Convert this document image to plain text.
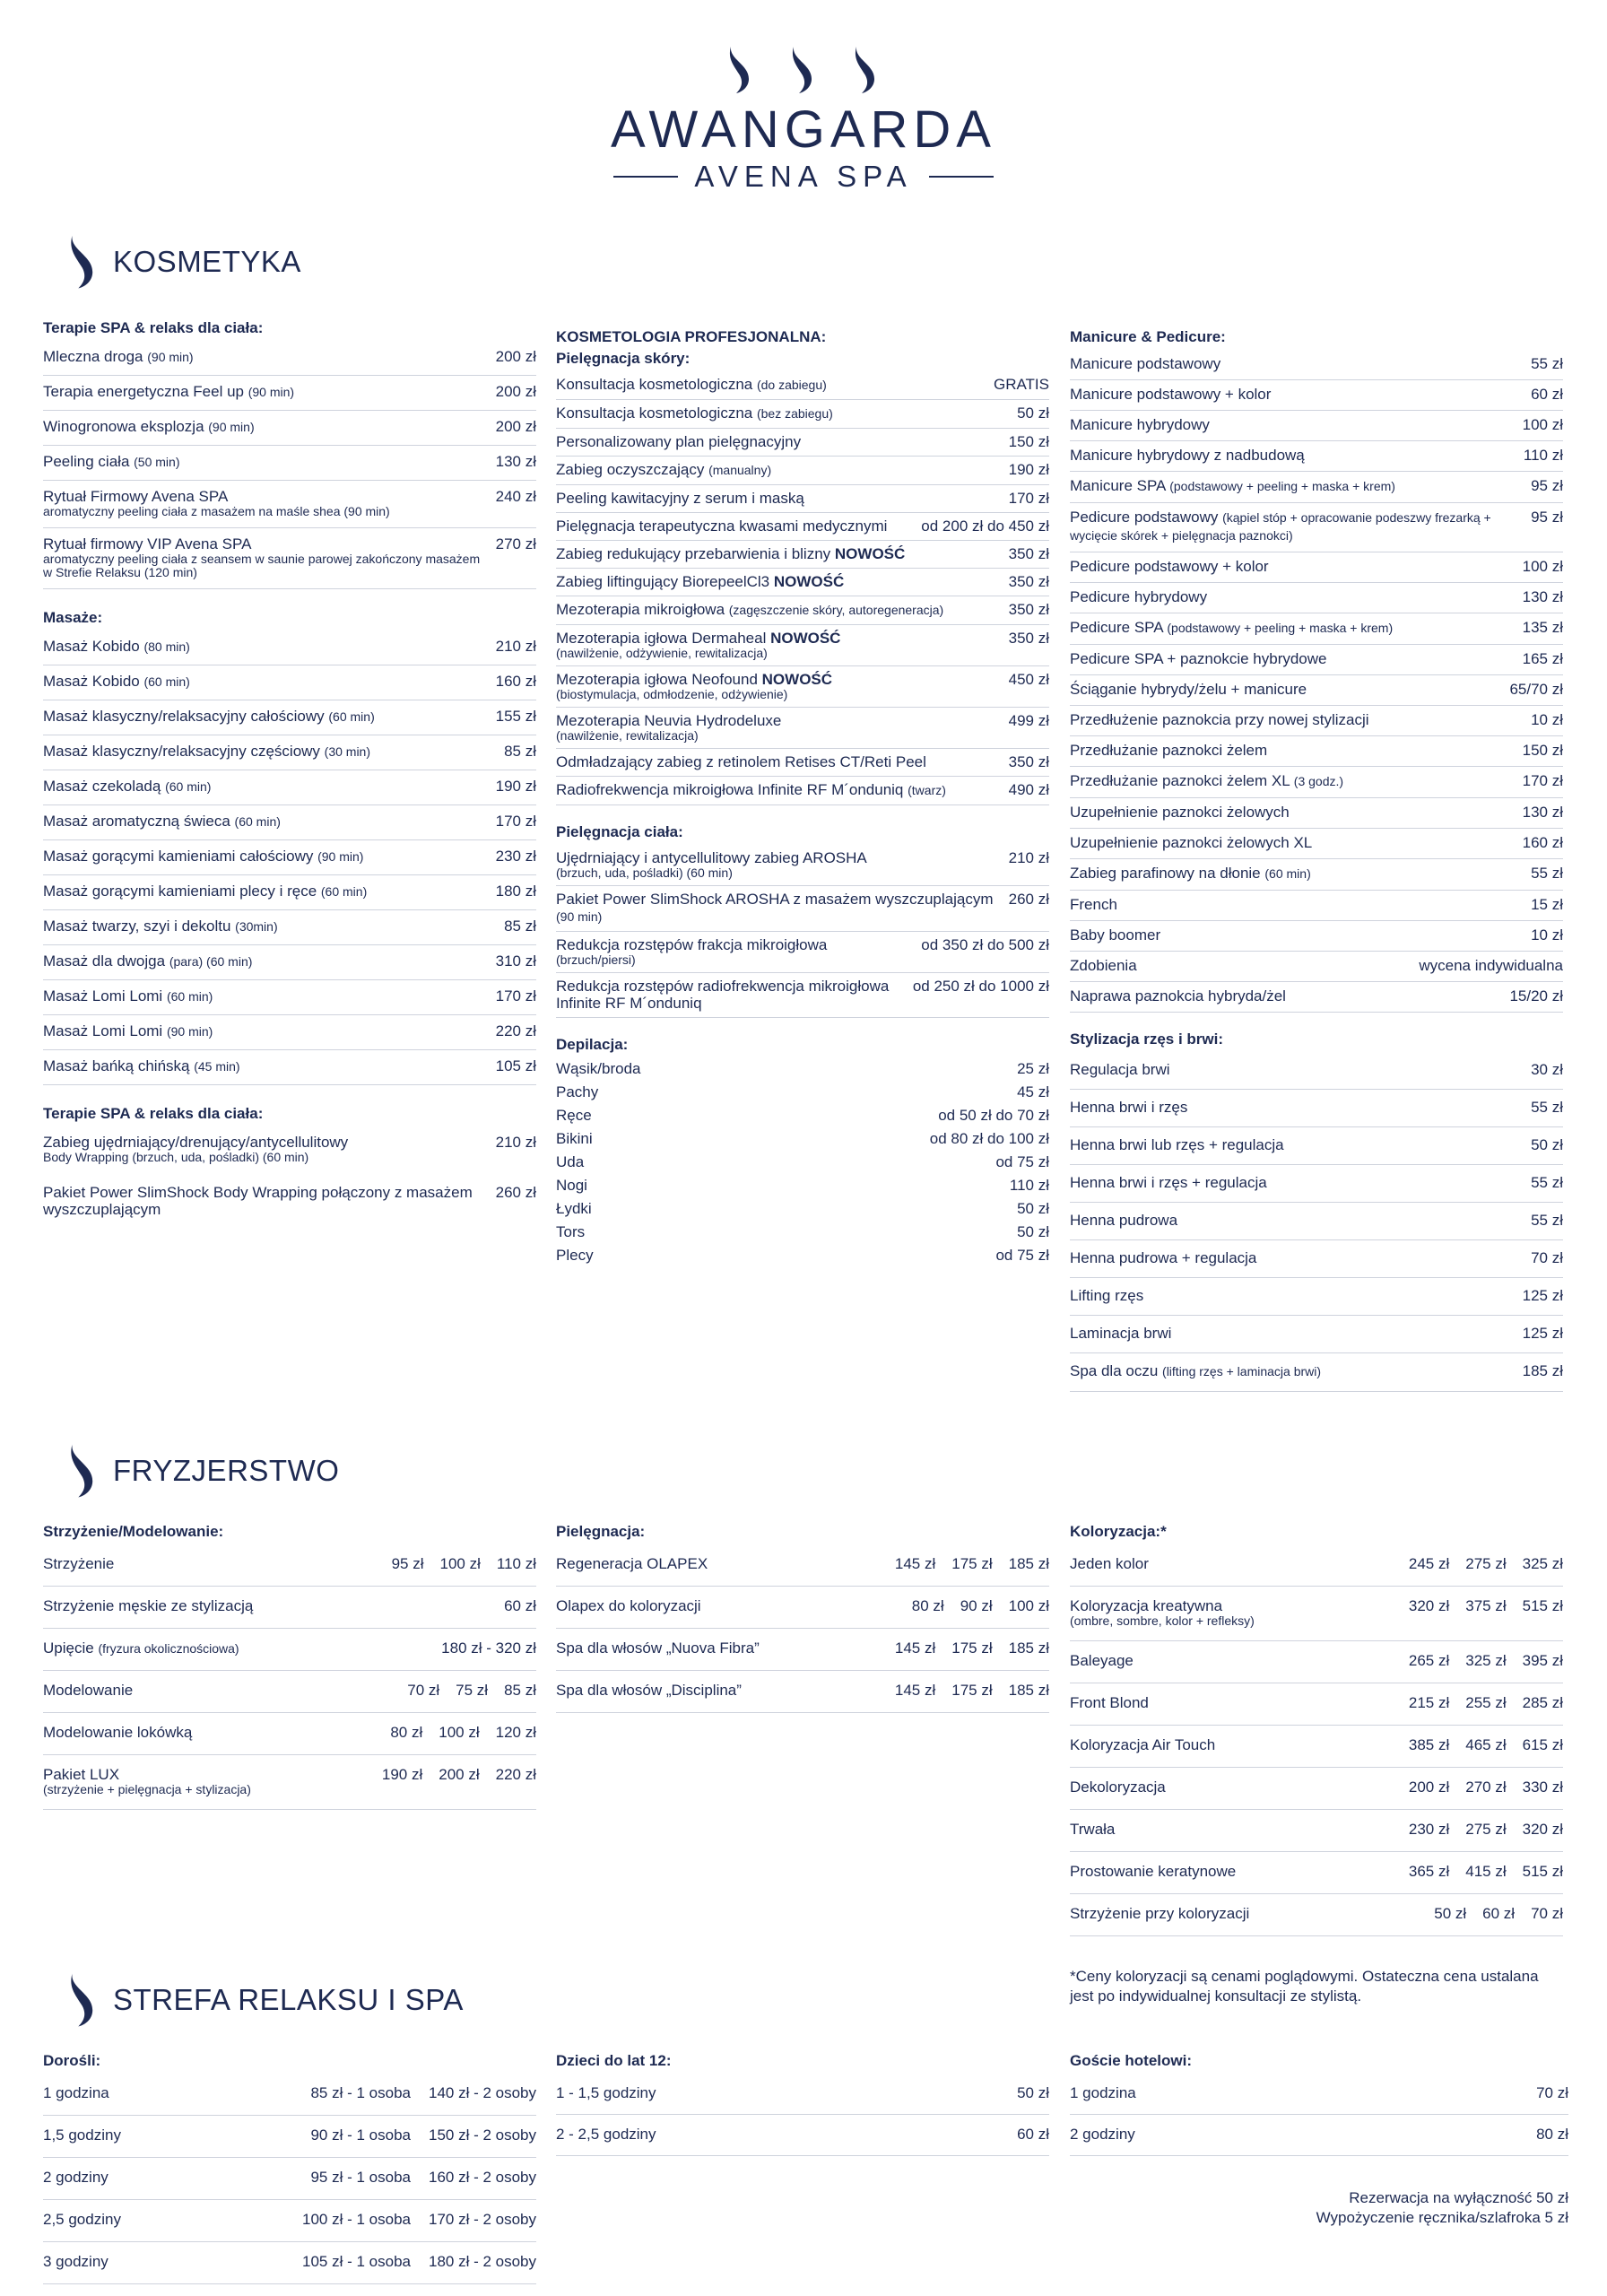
AWANGARDA
AVENA SPA
KOSMETYKA
FRYZJERSTWO
STREFA RELAKSU I SPA
Terapie SPA & relaks dla ciała:
Mleczna droga (90 min)	200 zł
Terapia energetyczna Feel up (90 min)	200 zł
Winogronowa eksplozja (90 min)	200 zł
Peeling ciała (50 min)	130 zł
Rytuał Firmowy Avena SPA
aromatyczny peeling ciała z masażem na maśle shea (90 min)
240 zł
Rytuał firmowy VIP Avena SPA
aromatyczny peeling ciała z seansem w saunie parowej zakończony masażem w Strefie Relaksu (120 min)
270 zł
Masaże:
Masaż Kobido (80 min)	210 zł
Masaż Kobido (60 min)	160 zł
Masaż klasyczny/relaksacyjny całościowy (60 min)	155 zł
Masaż klasyczny/relaksacyjny częściowy (30 min)	85 zł
Masaż czekoladą (60 min)	190 zł
Masaż aromatyczną świeca (60 min)	170 zł
Masaż gorącymi kamieniami całościowy (90 min)	230 zł
Masaż gorącymi kamieniami plecy i ręce (60 min)	180 zł
Masaż twarzy, szyi i dekoltu (30min)	85 zł
Masaż dla dwojga (para) (60 min)	310 zł
Masaż Lomi Lomi (60 min)	170 zł
Masaż Lomi Lomi (90 min)	220 zł
Masaż bańką chińską (45 min)	105 zł
Terapie SPA & relaks dla ciała:
Zabieg ujędrniający/drenujący/antycellulitowy
Body Wrapping (brzuch, uda, pośladki) (60 min)
210 zł
Pakiet Power SlimShock Body Wrapping połączony z masażem wyszczuplającym
260 zł
KOSMETOLOGIA PROFESJONALNA:
Pielęgnacja skóry:
Konsultacja kosmetologiczna (do zabiegu)	GRATIS
Konsultacja kosmetologiczna (bez zabiegu)	50 zł
Personalizowany plan pielęgnacyjny	150 zł
Zabieg oczyszczający (manualny)	190 zł
Peeling kawitacyjny z serum i maską	170 zł
Pielęgnacja terapeutyczna kwasami medycznymi	od 200 zł do 450 zł
Zabieg redukujący przebarwienia i blizny NOWOŚĆ	350 zł
Zabieg liftingujący BiorepeelCl3 NOWOŚĆ	350 zł
Mezoterapia mikroigłowa (zagęszczenie skóry, autoregeneracja)	350 zł
Mezoterapia igłowa Dermaheal NOWOŚĆ
(nawilżenie, odżywienie, rewitalizacja)
350 zł
Mezoterapia igłowa Neofound NOWOŚĆ
(biostymulacja, odmłodzenie, odżywienie)
450 zł
Mezoterapia Neuvia Hydrodeluxe
(nawilżenie, rewitalizacja)
499 zł
Odmładzający zabieg z retinolem Retises CT/Reti Peel	350 zł
Radiofrekwencja mikroigłowa Infinite RF M´onduniq (twarz)	490 zł
Pielęgnacja ciała:
Ujędrniający i antycellulitowy zabieg AROSHA
(brzuch, uda, pośladki) (60 min)
210 zł
Pakiet Power SlimShock AROSHA z masażem wyszczuplającym (90 min)
260 zł
Redukcja rozstępów frakcja mikroigłowa
(brzuch/piersi)
od 350 zł do 500 zł
Redukcja rozstępów radiofrekwencja mikroigłowa Infinite RF M´onduniq
od 250 zł do 1000 zł
Depilacja:
Wąsik/broda	25 zł
Pachy	45 zł
Ręce	od 50 zł do 70 zł
Bikini	od 80 zł do 100 zł
Uda	od 75 zł
Nogi	110 zł
Łydki	50 zł
Tors	50 zł
Plecy	od 75 zł
Manicure & Pedicure:
Manicure podstawowy	55 zł
Manicure podstawowy + kolor	60 zł
Manicure hybrydowy	100 zł
Manicure hybrydowy z nadbudową	110 zł
Manicure SPA (podstawowy + peeling + maska + krem)	95 zł
Pedicure podstawowy (kąpiel stóp + opracowanie podeszwy frezarką + wycięcie skórek + pielęgnacja paznokci)
95 zł
Pedicure podstawowy + kolor	100 zł
Pedicure hybrydowy	130 zł
Pedicure SPA (podstawowy + peeling + maska + krem)	135 zł
Pedicure SPA + paznokcie hybrydowe	165 zł
Ściąganie hybrydy/żelu + manicure	65/70 zł
Przedłużenie paznokcia przy nowej stylizacji	10 zł
Przedłużanie paznokci żelem	150 zł
Przedłużanie paznokci żelem XL (3 godz.)	170 zł
Uzupełnienie paznokci żelowych	130 zł
Uzupełnienie paznokci żelowych XL	160 zł
Zabieg parafinowy na dłonie (60 min)	55 zł
French	15 zł
Baby boomer	10 zł
Zdobienia	wycena indywidualna
Naprawa paznokcia hybryda/żel	15/20 zł
Stylizacja rzęs i brwi:
Regulacja brwi	30 zł
Henna brwi i rzęs	55 zł
Henna brwi lub rzęs + regulacja	50 zł
Henna brwi i rzęs + regulacja	55 zł
Henna pudrowa	55 zł
Henna pudrowa + regulacja	70 zł
Lifting rzęs	125 zł
Laminacja brwi	125 zł
Spa dla oczu (lifting rzęs + laminacja brwi)	185 zł
Strzyżenie/Modelowanie:
Strzyżenie	95 zł 100 zł 110 zł
Strzyżenie męskie ze stylizacją	60 zł
Upięcie (fryzura okolicznościowa)	180 zł - 320 zł
Modelowanie	70 zł 75 zł 85 zł
Modelowanie lokówką	80 zł 100 zł 120 zł
Pakiet LUX
(strzyżenie + pielęgnacja + stylizacja)
190 zł 200 zł 220 zł
Pielęgnacja:
Regeneracja OLAPEX	145 zł 175 zł 185 zł
Olapex do koloryzacji	80 zł 90 zł 100 zł
Spa dla włosów „Nuova Fibra”	145 zł 175 zł 185 zł
Spa dla włosów „Disciplina”	145 zł 175 zł 185 zł
Koloryzacja:*
Jeden kolor	245 zł 275 zł 325 zł
Koloryzacja kreatywna
(ombre, sombre, kolor + refleksy)
320 zł 375 zł 515 zł
Baleyage	265 zł 325 zł 395 zł
Front Blond	215 zł 255 zł 285 zł
Koloryzacja Air Touch	385 zł 465 zł 615 zł
Dekoloryzacja	200 zł 270 zł 330 zł
Trwała	230 zł 275 zł 320 zł
Prostowanie keratynowe	365 zł 415 zł 515 zł
Strzyżenie przy koloryzacji	50 zł 60 zł 70 zł
*Ceny koloryzacji są cenami poglądowymi. Ostateczna cena ustalana jest po indywidualnej konsultacji ze stylistą.
Dorośli:
1 godzina	85 zł - 1 osoba 140 zł - 2 osoby
1,5 godziny	90 zł - 1 osoba 150 zł - 2 osoby
2 godziny	95 zł - 1 osoba 160 zł - 2 osoby
2,5 godziny	100 zł - 1 osoba 170 zł - 2 osoby
3 godziny	105 zł - 1 osoba 180 zł - 2 osoby
Dzieci do lat 12:
1 - 1,5 godziny	50 zł
2 - 2,5 godziny	60 zł
Goście hotelowi:
1 godzina	70 zł
2 godziny	80 zł
Rezerwacja na wyłączność 50 zł
Wypożyczenie ręcznika/szlafroka 5 zł
